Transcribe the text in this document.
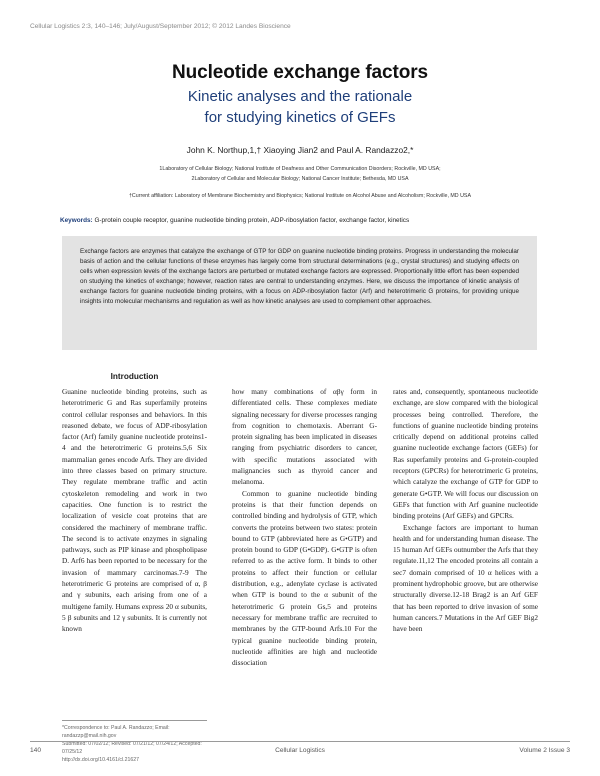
Cellular Logistics 2:3, 140–146; July/August/September 2012; © 2012 Landes Bioscience
Nucleotide exchange factors
Kinetic analyses and the rationale
for studying kinetics of GEFs
John K. Northup,1,† Xiaoying Jian2 and Paul A. Randazzo2,*
1Laboratory of Cellular Biology; National Institute of Deafness and Other Communication Disorders; Rockville, MD USA;
2Laboratory of Cellular and Molecular Biology; National Cancer Institute; Bethesda, MD USA
†Current affiliation: Laboratory of Membrane Biochemistry and Biophysics; National Institute on Alcohol Abuse and Alcoholism; Rockville, MD USA
Keywords: G-protein couple receptor, guanine nucleotide binding protein, ADP-ribosylation factor, exchange factor, kinetics
Exchange factors are enzymes that catalyze the exchange of GTP for GDP on guanine nucleotide binding proteins. Progress in understanding the molecular basis of action and the cellular functions of these enzymes has largely come from structural determinations (e.g., crystal structures) and studying effects on cells when expression levels of the exchange factors are perturbed or mutated exchange factors are expressed. Proportionally little effort has been expended on studying the kinetics of exchange; however, reaction rates are central to understanding enzymes. Here, we discuss the importance of kinetic analysis of exchange factors for guanine nucleotide binding proteins, with a focus on ADP-ribosylation factor (Arf) and heterotrimeric G proteins, for providing unique insights into molecular mechanisms and regulation as well as how kinetic analyses are used to complement other approaches.
Introduction

Guanine nucleotide binding proteins, such as heterotrimeric G and Ras superfamily proteins control cellular responses and behaviors. In this reasoned debate, we focus of ADP-ribosylation factor (Arf) family guanine nucleotide proteins1-4 and the heterotrimeric G proteins.5,6 Six mammalian genes encode Arfs. They are divided into three classes based on primary structure. They regulate membrane traffic and actin cytoskeleton remodeling and work in two capacities. One function is to restrict the localization of vesicle coat proteins that are considered the machinery of membrane traffic. The second is to activate enzymes in signaling pathways, such as PIP kinase and phospholipase D. Arf6 has been reported to be necessary for the invasion of mammary carcinomas.7-9 The heterotrimeric G proteins are comprised of α, β and γ subunits, each arising from one of a multigene family. Humans express 20 α subunits, 5 β subunits and 12 γ subunits. It is currently not known

how many combinations of αβγ form in differentiated cells. These complexes mediate signaling necessary for diverse processes ranging from cognition to chemotaxis. Aberrant G-protein signaling has been implicated in diseases ranging from psychiatric disorders to cancer, with specific mutations associated with malignancies such as thyroid cancer and melanoma.

Common to guanine nucleotide binding proteins is that their function depends on controlled binding and hydrolysis of GTP, which converts the proteins between two states: protein bound to GTP (abbreviated here as G•GTP) and protein bound to GDP (G•GDP). G•GTP is often referred to as the active form. It binds to other proteins to affect their function or cellular distribution, e.g., adenylate cyclase is activated when GTP is bound to the α subunit of the heterotrimeric G protein Gs,5 and proteins necessary for membrane traffic are recruited to membranes by the GTP-bound Arfs.10 For the typical guanine nucleotide binding protein, nucleotide affinities are high and nucleotide dissociation

rates and, consequently, spontaneous nucleotide exchange, are slow compared with the biological processes being controlled. Therefore, the functions of guanine nucleotide binding proteins critically depend on additional proteins called guanine nucleotide exchange factors (GEFs) for Ras superfamily proteins and G-protein-coupled receptors (GPCRs) for heterotrimeric G proteins, which catalyze the exchange of GTP for GDP to generate G•GTP. We will focus our discussion on GEFs that function with Arf guanine nucleotide binding proteins (Arf GEFs) and GPCRs.

Exchange factors are important to human health and for understanding human disease. The 15 human Arf GEFs outnumber the Arfs that they regulate.11,12 The encoded proteins all contain a sec7 domain comprised of 10 α helices with a prominent hydrophobic groove, but are otherwise structurally diverse.12-18 Brag2 is an Arf GEF that has been reported to drive invasion of some human cancers.7 Mutations in the Arf GEF Big2 have been

*Correspondence to: Paul A. Randazzo; Email: randazzp@mail.nih.gov
Submitted: 07/02/12; Revised: 07/21/12; 07/24/12; Accepted: 07/25/12
http://dx.doi.org/10.4161/cl.21627
140	Cellular Logistics	Volume 2 Issue 3
